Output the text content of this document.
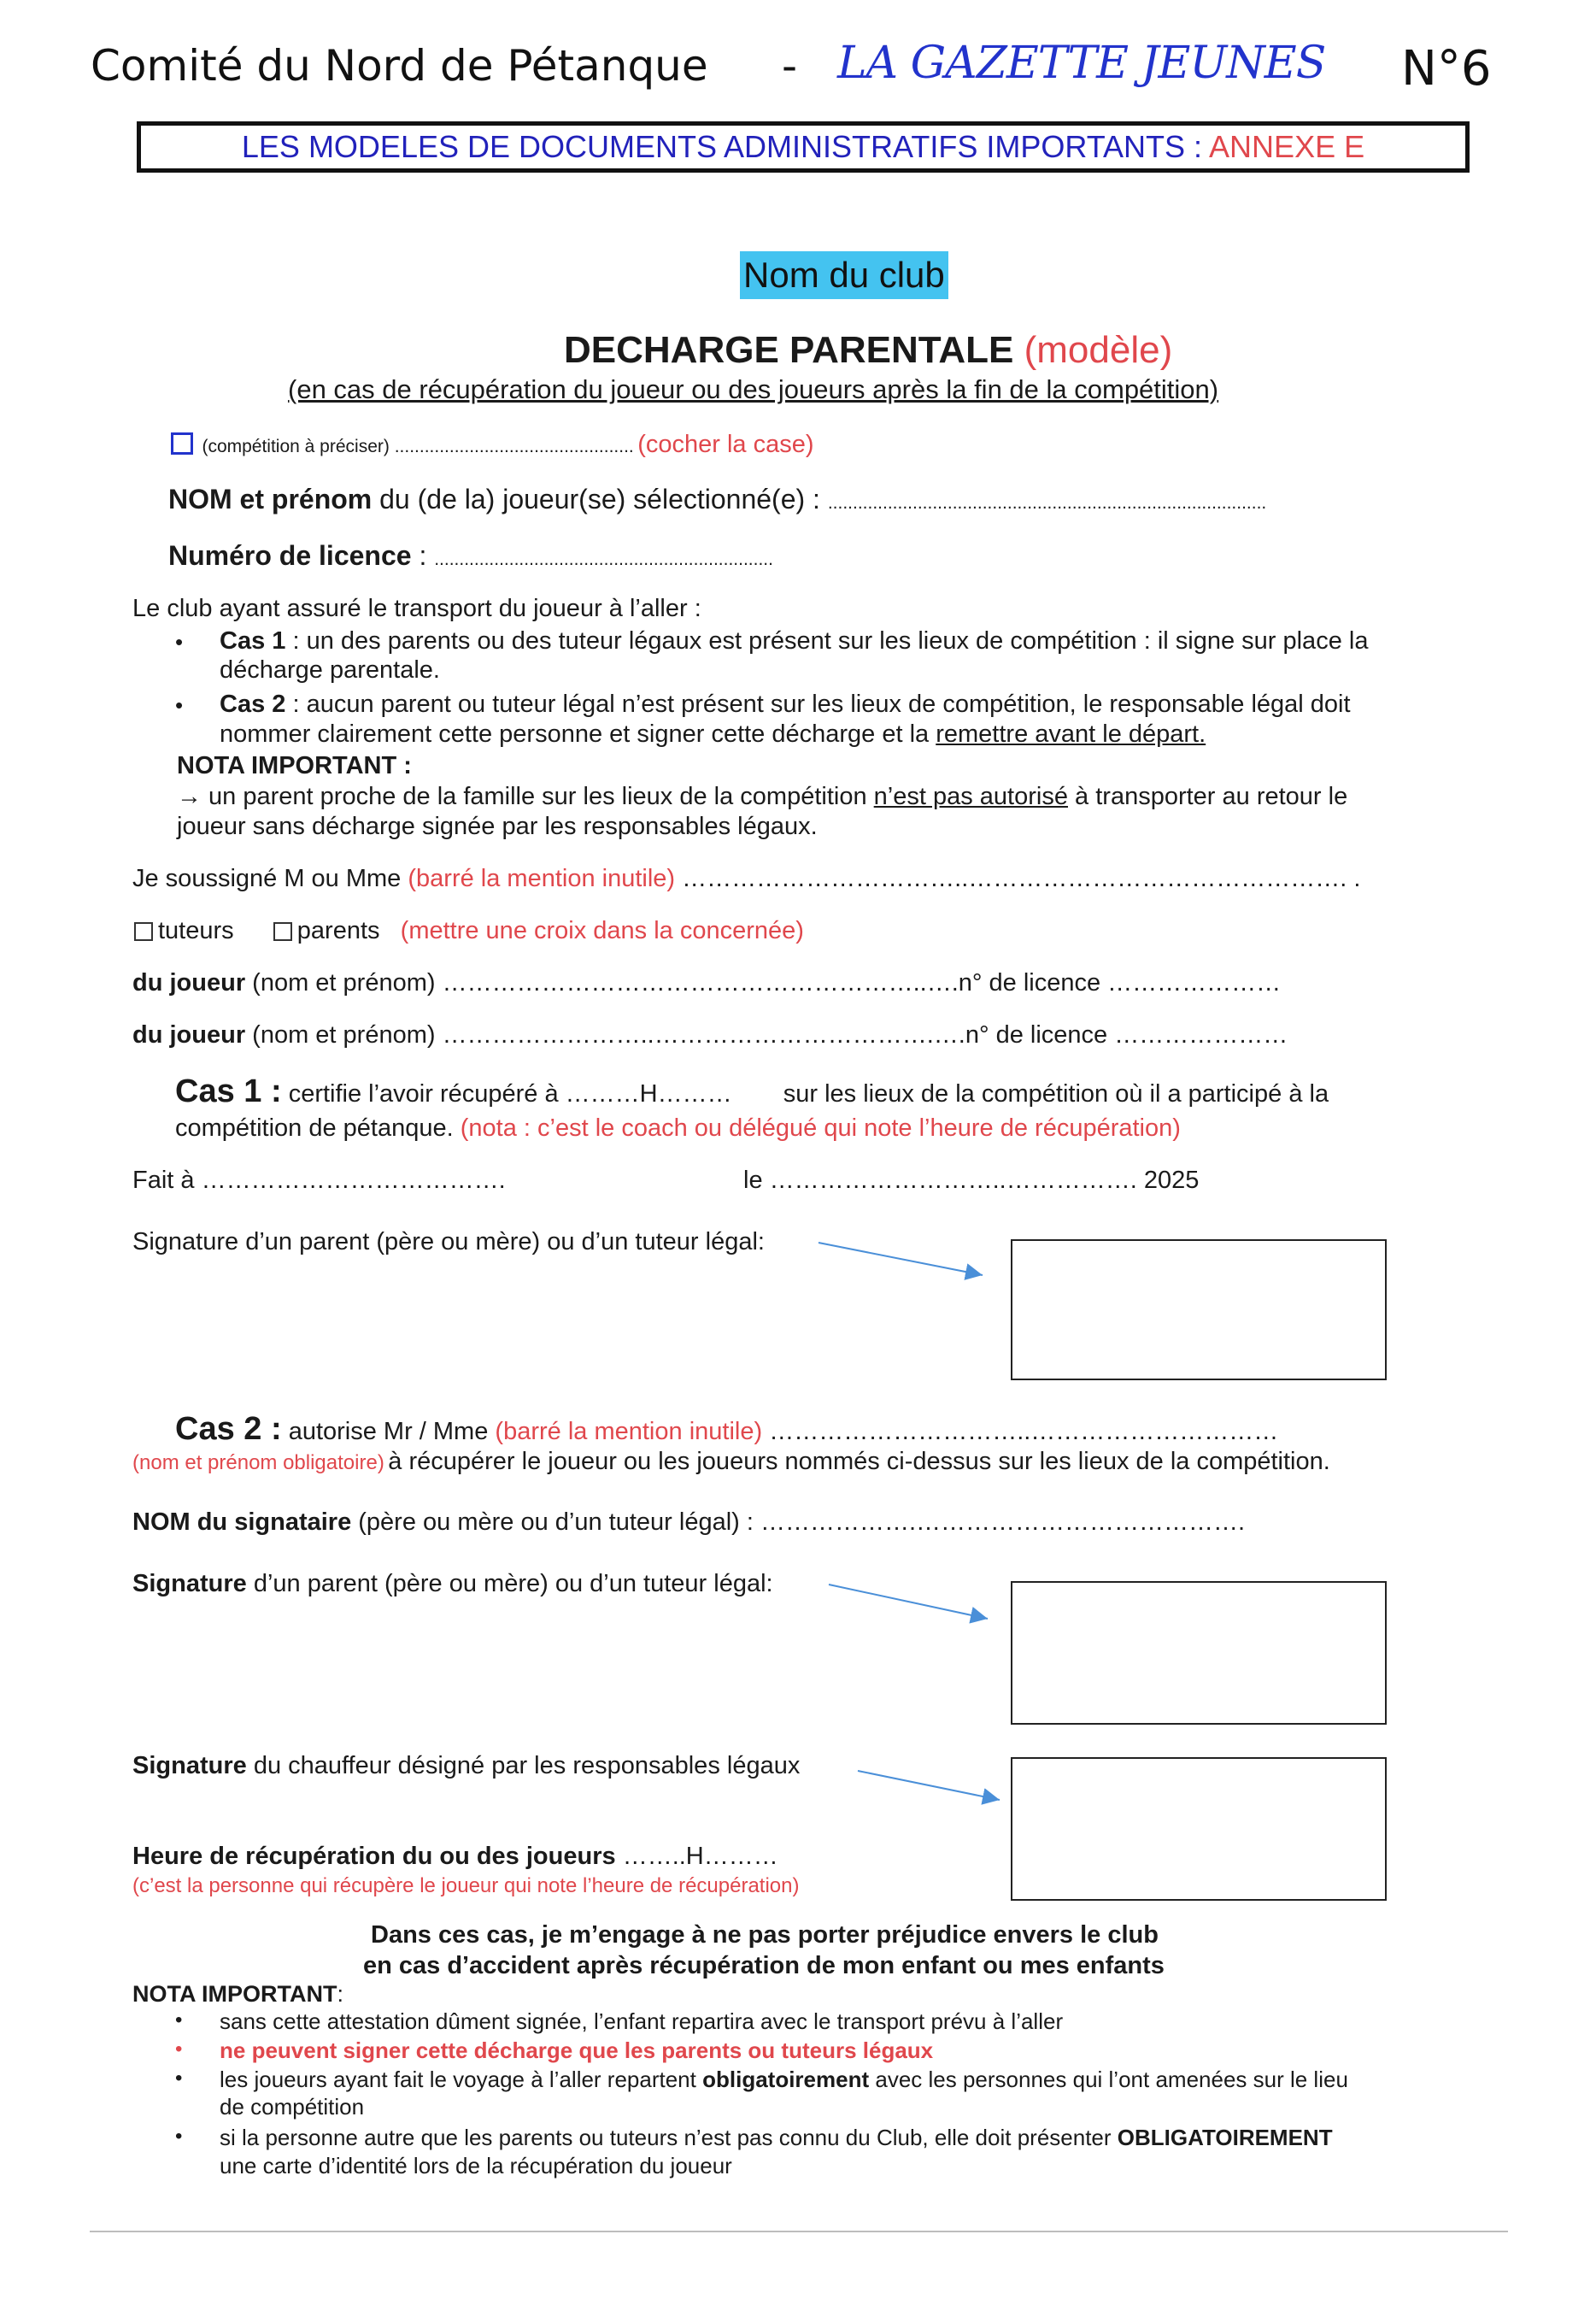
Comité du Nord de Pétanque - LA GAZETTE JEUNES N°6
LES MODELES DE DOCUMENTS ADMINISTRATIFS IMPORTANTS : ANNEXE E
Nom du club
DECHARGE PARENTALE (modèle)
(en cas de récupération du joueur ou des joueurs après la fin de la compétition)
(compétition à préciser) ................................................ (cocher la case)
NOM et prénom du (de la) joueur(se) sélectionné(e) : ........................................................................................
Numéro de licence : ....................................................................
Le club ayant assuré le transport du joueur à l’aller :
• Cas 1 : un des parents ou des tuteur légaux est présent sur les lieux de compétition : il signe sur place la
décharge parentale.
• Cas 2 : aucun parent ou tuteur légal n’est présent sur les lieux de compétition, le responsable légal doit
nommer clairement cette personne et signer cette décharge et la remettre avant le départ.
NOTA IMPORTANT :
→ un parent proche de la famille sur les lieux de la compétition n’est pas autorisé à transporter au retour le
joueur sans décharge signée par les responsables légaux.
Je soussigné M ou Mme (barré la mention inutile) ……………………………..………………………………………. .
tuteurs	parents (mettre une croix dans la concernée)
du joueur (nom et prénom) …………………………………………………..….n° de licence …………………
du joueur (nom et prénom) ……………………..…………………………….….n° de licence …………………
Cas 1 : certifie l’avoir récupéré à ………H……… sur les lieux de la compétition où il a participé à la
compétition de pétanque. (nota : c’est le coach ou délégué qui note l’heure de récupération)
Fait à ……………………………….	le ………………………..……………. 2025
Signature d’un parent (père ou mère) ou d’un tuteur légal:
Cas 2 : autorise Mr / Mme (barré la mention inutile) …………………………..…………………………
(nom et prénom obligatoire) à récupérer le joueur ou les joueurs nommés ci-dessus sur les lieux de la compétition.
NOM du signataire (père ou mère ou d’un tuteur légal) : ……………….………………………………….
Signature d’un parent (père ou mère) ou d’un tuteur légal:
Signature du chauffeur désigné par les responsables légaux
Heure de récupération du ou des joueurs ……..H………
(c’est la personne qui récupère le joueur qui note l’heure de récupération)
Dans ces cas, je m’engage à ne pas porter préjudice envers le club
en cas d’accident après récupération de mon enfant ou mes enfants
NOTA IMPORTANT:
• sans cette attestation dûment signée, l’enfant repartira avec le transport prévu à l’aller
• ne peuvent signer cette décharge que les parents ou tuteurs légaux
• les joueurs ayant fait le voyage à l’aller repartent obligatoirement avec les personnes qui l’ont amenées sur le lieu
de compétition
• si la personne autre que les parents ou tuteurs n’est pas connu du Club, elle doit présenter OBLIGATOIREMENT
une carte d’identité lors de la récupération du joueur
